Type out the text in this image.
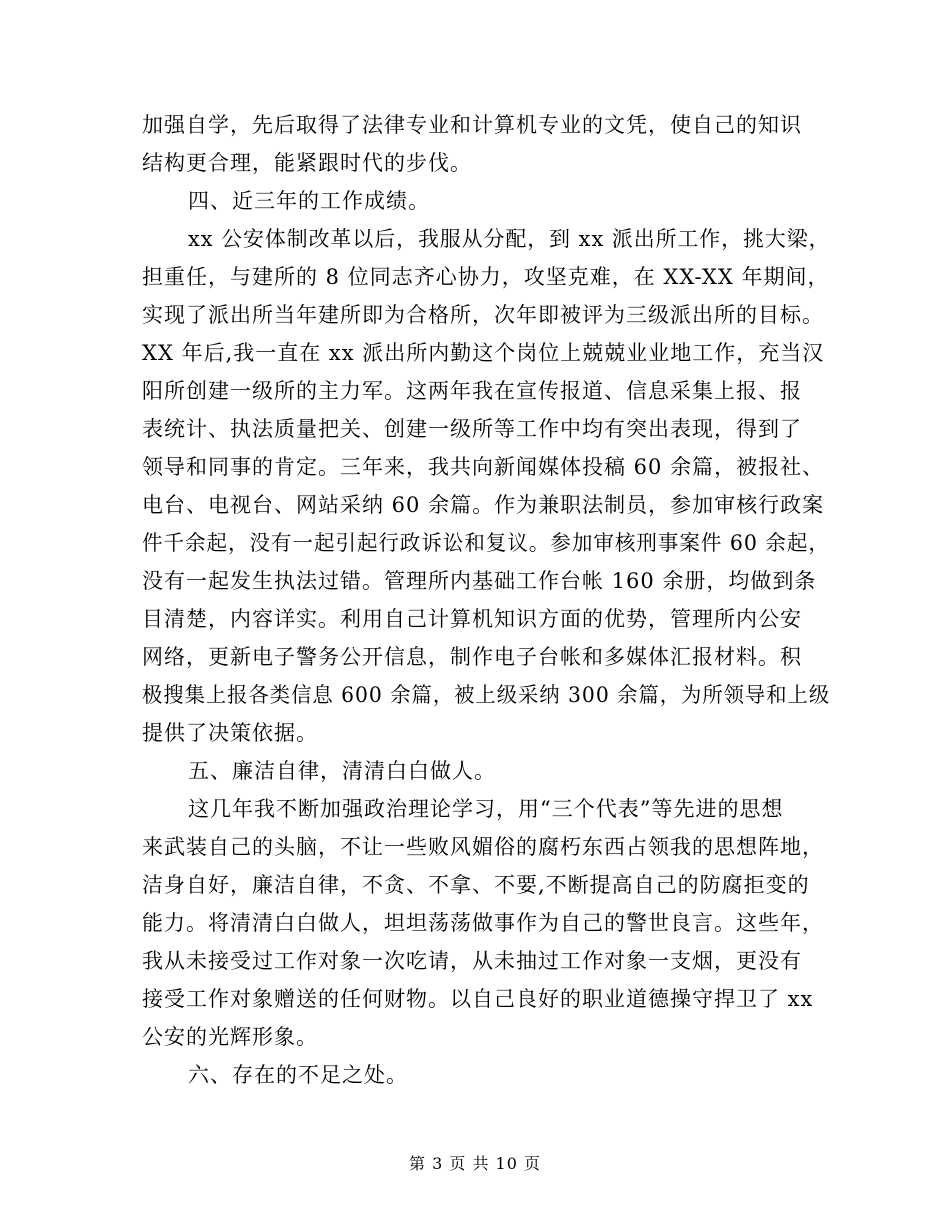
加强自学，先后取得了法律专业和计算机专业的文凭，使自己的知识
结构更合理，能紧跟时代的步伐。
四、近三年的工作成绩。
xx 公安体制改革以后，我服从分配，到 xx 派出所工作，挑大梁，
担重任，与建所的 8 位同志齐心协力，攻坚克难，在 XX-XX 年期间，
实现了派出所当年建所即为合格所，次年即被评为三级派出所的目标。
XX 年后,我一直在 xx 派出所内勤这个岗位上兢兢业业地工作，充当汉
阳所创建一级所的主力军。这两年我在宣传报道、信息采集上报、报
表统计、执法质量把关、创建一级所等工作中均有突出表现，得到了
领导和同事的肯定。三年来，我共向新闻媒体投稿 60 余篇，被报社、
电台、电视台、网站采纳 60 余篇。作为兼职法制员，参加审核行政案
件千余起，没有一起引起行政诉讼和复议。参加审核刑事案件 60 余起，
没有一起发生执法过错。管理所内基础工作台帐 160 余册，均做到条
目清楚，内容详实。利用自己计算机知识方面的优势，管理所内公安
网络，更新电子警务公开信息，制作电子台帐和多媒体汇报材料。积
极搜集上报各类信息 600 余篇，被上级采纳 300 余篇，为所领导和上级
提供了决策依据。
五、廉洁自律，清清白白做人。
这几年我不断加强政治理论学习，用“三个代表”等先进的思想
来武装自己的头脑，不让一些败风媚俗的腐朽东西占领我的思想阵地，
洁身自好，廉洁自律，不贪、不拿、不要,不断提高自己的防腐拒变的
能力。将清清白白做人，坦坦荡荡做事作为自己的警世良言。这些年，
我从未接受过工作对象一次吃请，从未抽过工作对象一支烟，更没有
接受工作对象赠送的任何财物。以自己良好的职业道德操守捍卫了 xx
公安的光辉形象。
六、存在的不足之处。
第 3 页 共 10 页
